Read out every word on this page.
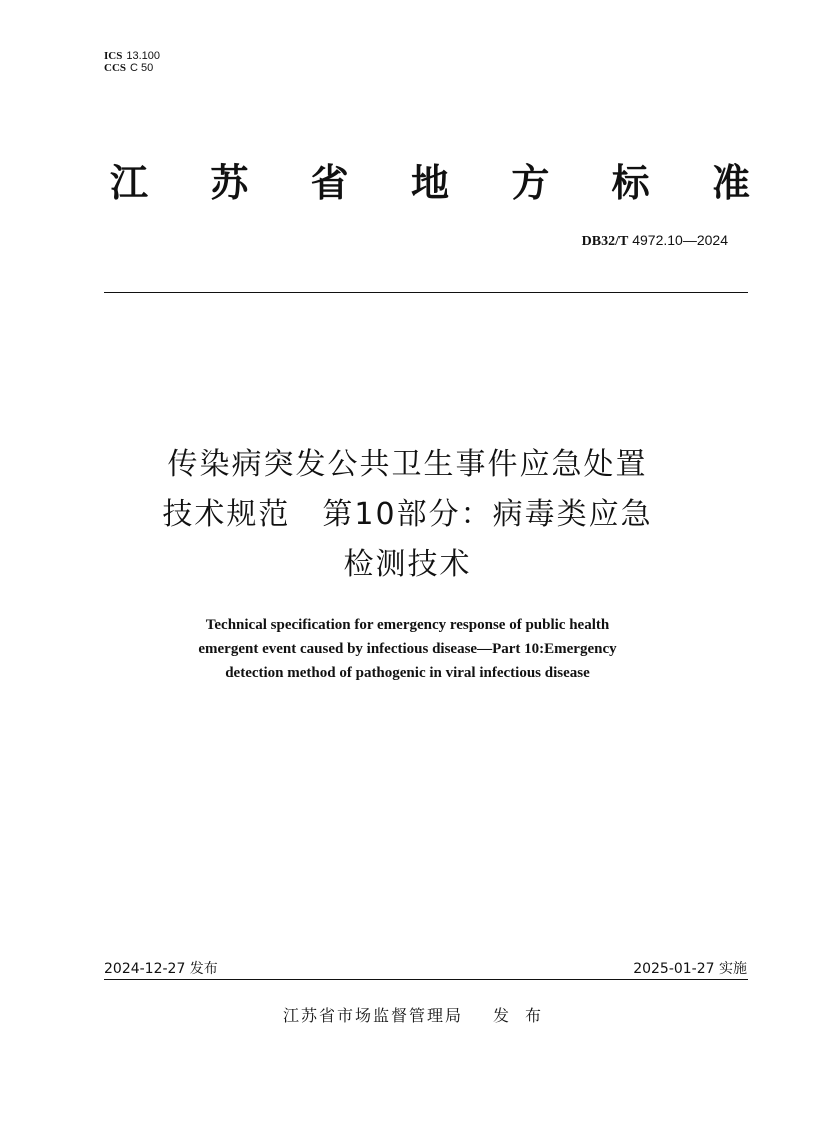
ICS 13.100
CCS C 50
江 苏 省 地 方 标 准
DB32/T 4972.10—2024
传染病突发公共卫生事件应急处置
技术规范　第10部分：病毒类应急
检测技术
Technical specification for emergency response of public health
emergent event caused by infectious disease—Part 10:Emergency
detection method of pathogenic in viral infectious disease
2024-12-27 发布	2025-01-27 实施
江苏省市场监督管理局 发布
